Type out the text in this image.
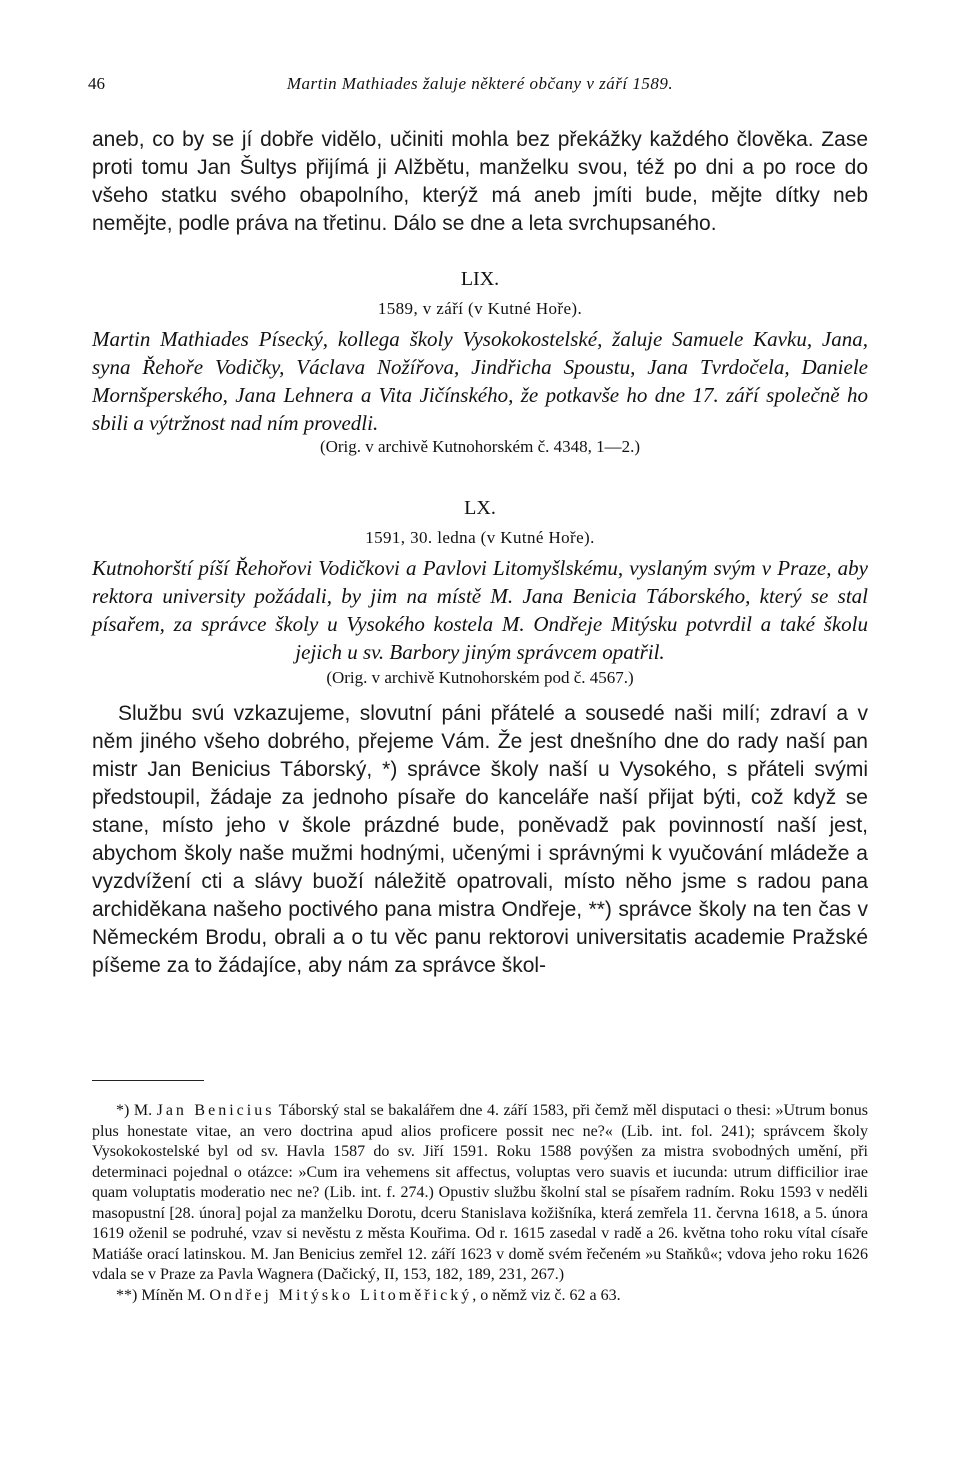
46	Martin Mathiades žaluje některé občany v září 1589.

aneb, co by se jí dobře vidělo, učiniti mohla bez překážky každého člověka. Zase proti tomu Jan Šultys přijímá ji Alžbětu, manželku svou, též po dni a po roce do všeho statku svého obapolního, kterýž má aneb jmíti bude, mějte dítky neb nemějte, podle práva na třetinu. Dálo se dne a leta svrchupsaného.

LIX.

1589, v září (v Kutné Hoře).

Martin Mathiades Písecký, kollega školy Vysokokostelské, žaluje Samuele Kavku, Jana, syna Řehoře Vodičky, Václava Nožířova, Jindřicha Spoustu, Jana Tvrdočela, Daniele Mornšperského, Jana Lehnera a Vita Jičínského, že potkavše ho dne 17. září společně ho sbili a výtržnost nad ním provedli.

(Orig. v archivě Kutnohorském č. 4348, 1—2.)

LX.

1591, 30. ledna (v Kutné Hoře).

Kutnohorští píší Řehořovi Vodičkovi a Pavlovi Litomyšlskému, vyslaným svým v Praze, aby rektora university požádali, by jim na místě M. Jana Benicia Táborského, který se stal písařem, za správce školy u Vysokého kostela M. Ondřeje Mitýsku potvrdil a také školu jejich u sv. Barbory jiným správcem opatřil.

(Orig. v archivě Kutnohorském pod č. 4567.)

Službu svú vzkazujeme, slovutní páni přátelé a sousedé naši milí; zdraví a v něm jiného všeho dobrého, přejeme Vám. Že jest dnešního dne do rady naší pan mistr Jan Benicius Táborský, *) správce školy naší u Vysokého, s přáteli svými předstoupil, žádaje za jednoho písaře do kanceláře naší přijat býti, což když se stane, místo jeho v škole prázdné bude, poněvadž pak povinností naší jest, abychom školy naše mužmi hodnými, učenými i správnými k vyučování mládeže a vyzdvížení cti a slávy buoží náležitě opatrovali, místo něho jsme s radou pana archiděkana našeho poctivého pana mistra Ondřeje, **) správce školy na ten čas v Německém Brodu, obrali a o tu věc panu rektorovi universitatis academie Pražské píšeme za to žádajíce, aby nám za správce škol-

*) M. Jan Benicius Táborský stal se bakalářem dne 4. září 1583, při čemž měl disputaci o thesi: »Utrum bonus plus honestate vitae, an vero doctrina apud alios proficere possit nec ne?« (Lib. int. fol. 241); správcem školy Vysokokostelské byl od sv. Havla 1587 do sv. Jiří 1591. Roku 1588 povýšen za mistra svobodných umění, při determinaci pojednal o otázce: »Cum ira vehemens sit affectus, voluptas vero suavis et iucunda: utrum difficilior irae quam voluptatis moderatio nec ne? (Lib. int. f. 274.) Opustiv službu školní stal se písařem radním. Roku 1593 v neděli masopustní [28. února] pojal za manželku Dorotu, dceru Stanislava kožišníka, která zemřela 11. června 1618, a 5. února 1619 oženil se podruhé, vzav si nevěstu z města Kouřima. Od r. 1615 zasedal v radě a 26. května toho roku vítal císaře Matiáše orací latinskou. M. Jan Benicius zemřel 12. září 1623 v domě svém řečeném »u Staňků«; vdova jeho roku 1626 vdala se v Praze za Pavla Wagnera (Dačický, II, 153, 182, 189, 231, 267.)

**) Míněn M. Ondřej Mitýsko Litoměřický, o němž viz č. 62 a 63.
